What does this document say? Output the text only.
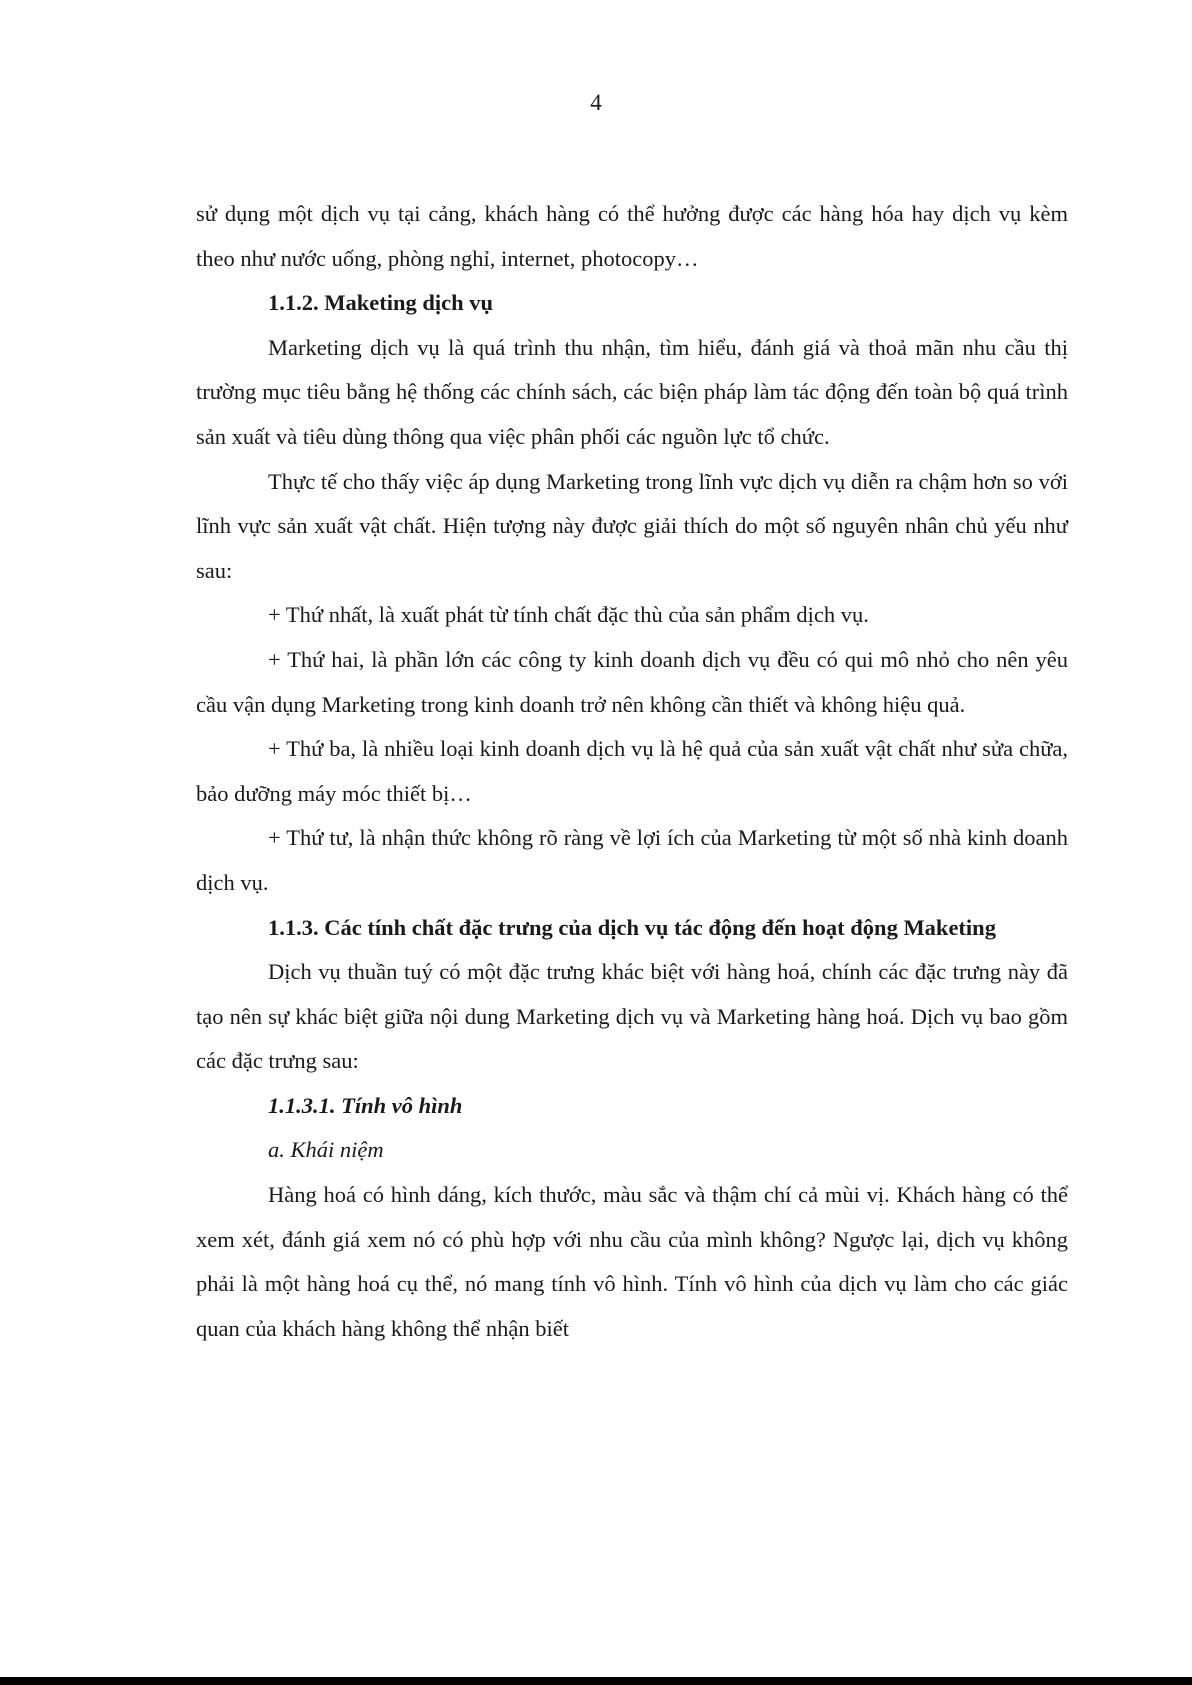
4

sử dụng một dịch vụ tại cảng, khách hàng có thể hưởng được các hàng hóa hay dịch vụ kèm theo như nước uống, phòng nghỉ, internet, photocopy…

1.1.2. Maketing dịch vụ

Marketing dịch vụ là quá trình thu nhận, tìm hiểu, đánh giá và thoả mãn nhu cầu thị trường mục tiêu bằng hệ thống các chính sách, các biện pháp làm tác động đến toàn bộ quá trình sản xuất và tiêu dùng thông qua việc phân phối các nguồn lực tổ chức.

Thực tế cho thấy việc áp dụng Marketing trong lĩnh vực dịch vụ diễn ra chậm hơn so với lĩnh vực sản xuất vật chất. Hiện tượng này được giải thích do một số nguyên nhân chủ yếu như sau:

+ Thứ nhất, là xuất phát từ tính chất đặc thù của sản phẩm dịch vụ.

+ Thứ hai, là phần lớn các công ty kinh doanh dịch vụ đều có qui mô nhỏ cho nên yêu cầu vận dụng Marketing trong kinh doanh trở nên không cần thiết và không hiệu quả.

+ Thứ ba, là nhiều loại kinh doanh dịch vụ là hệ quả của sản xuất vật chất như sửa chữa, bảo dưỡng máy móc thiết bị…

+ Thứ tư, là nhận thức không rõ ràng về lợi ích của Marketing từ một số nhà kinh doanh dịch vụ.

1.1.3. Các tính chất đặc trưng của dịch vụ tác động đến hoạt động Maketing

Dịch vụ thuần tuý có một đặc trưng khác biệt với hàng hoá, chính các đặc trưng này đã tạo nên sự khác biệt giữa nội dung Marketing dịch vụ và Marketing hàng hoá. Dịch vụ bao gồm các đặc trưng sau:

1.1.3.1. Tính vô hình

a. Khái niệm

Hàng hoá có hình dáng, kích thước, màu sắc và thậm chí cả mùi vị. Khách hàng có thể xem xét, đánh giá xem nó có phù hợp với nhu cầu của mình không? Ngược lại, dịch vụ không phải là một hàng hoá cụ thể, nó mang tính vô hình. Tính vô hình của dịch vụ làm cho các giác quan của khách hàng không thể nhận biết
